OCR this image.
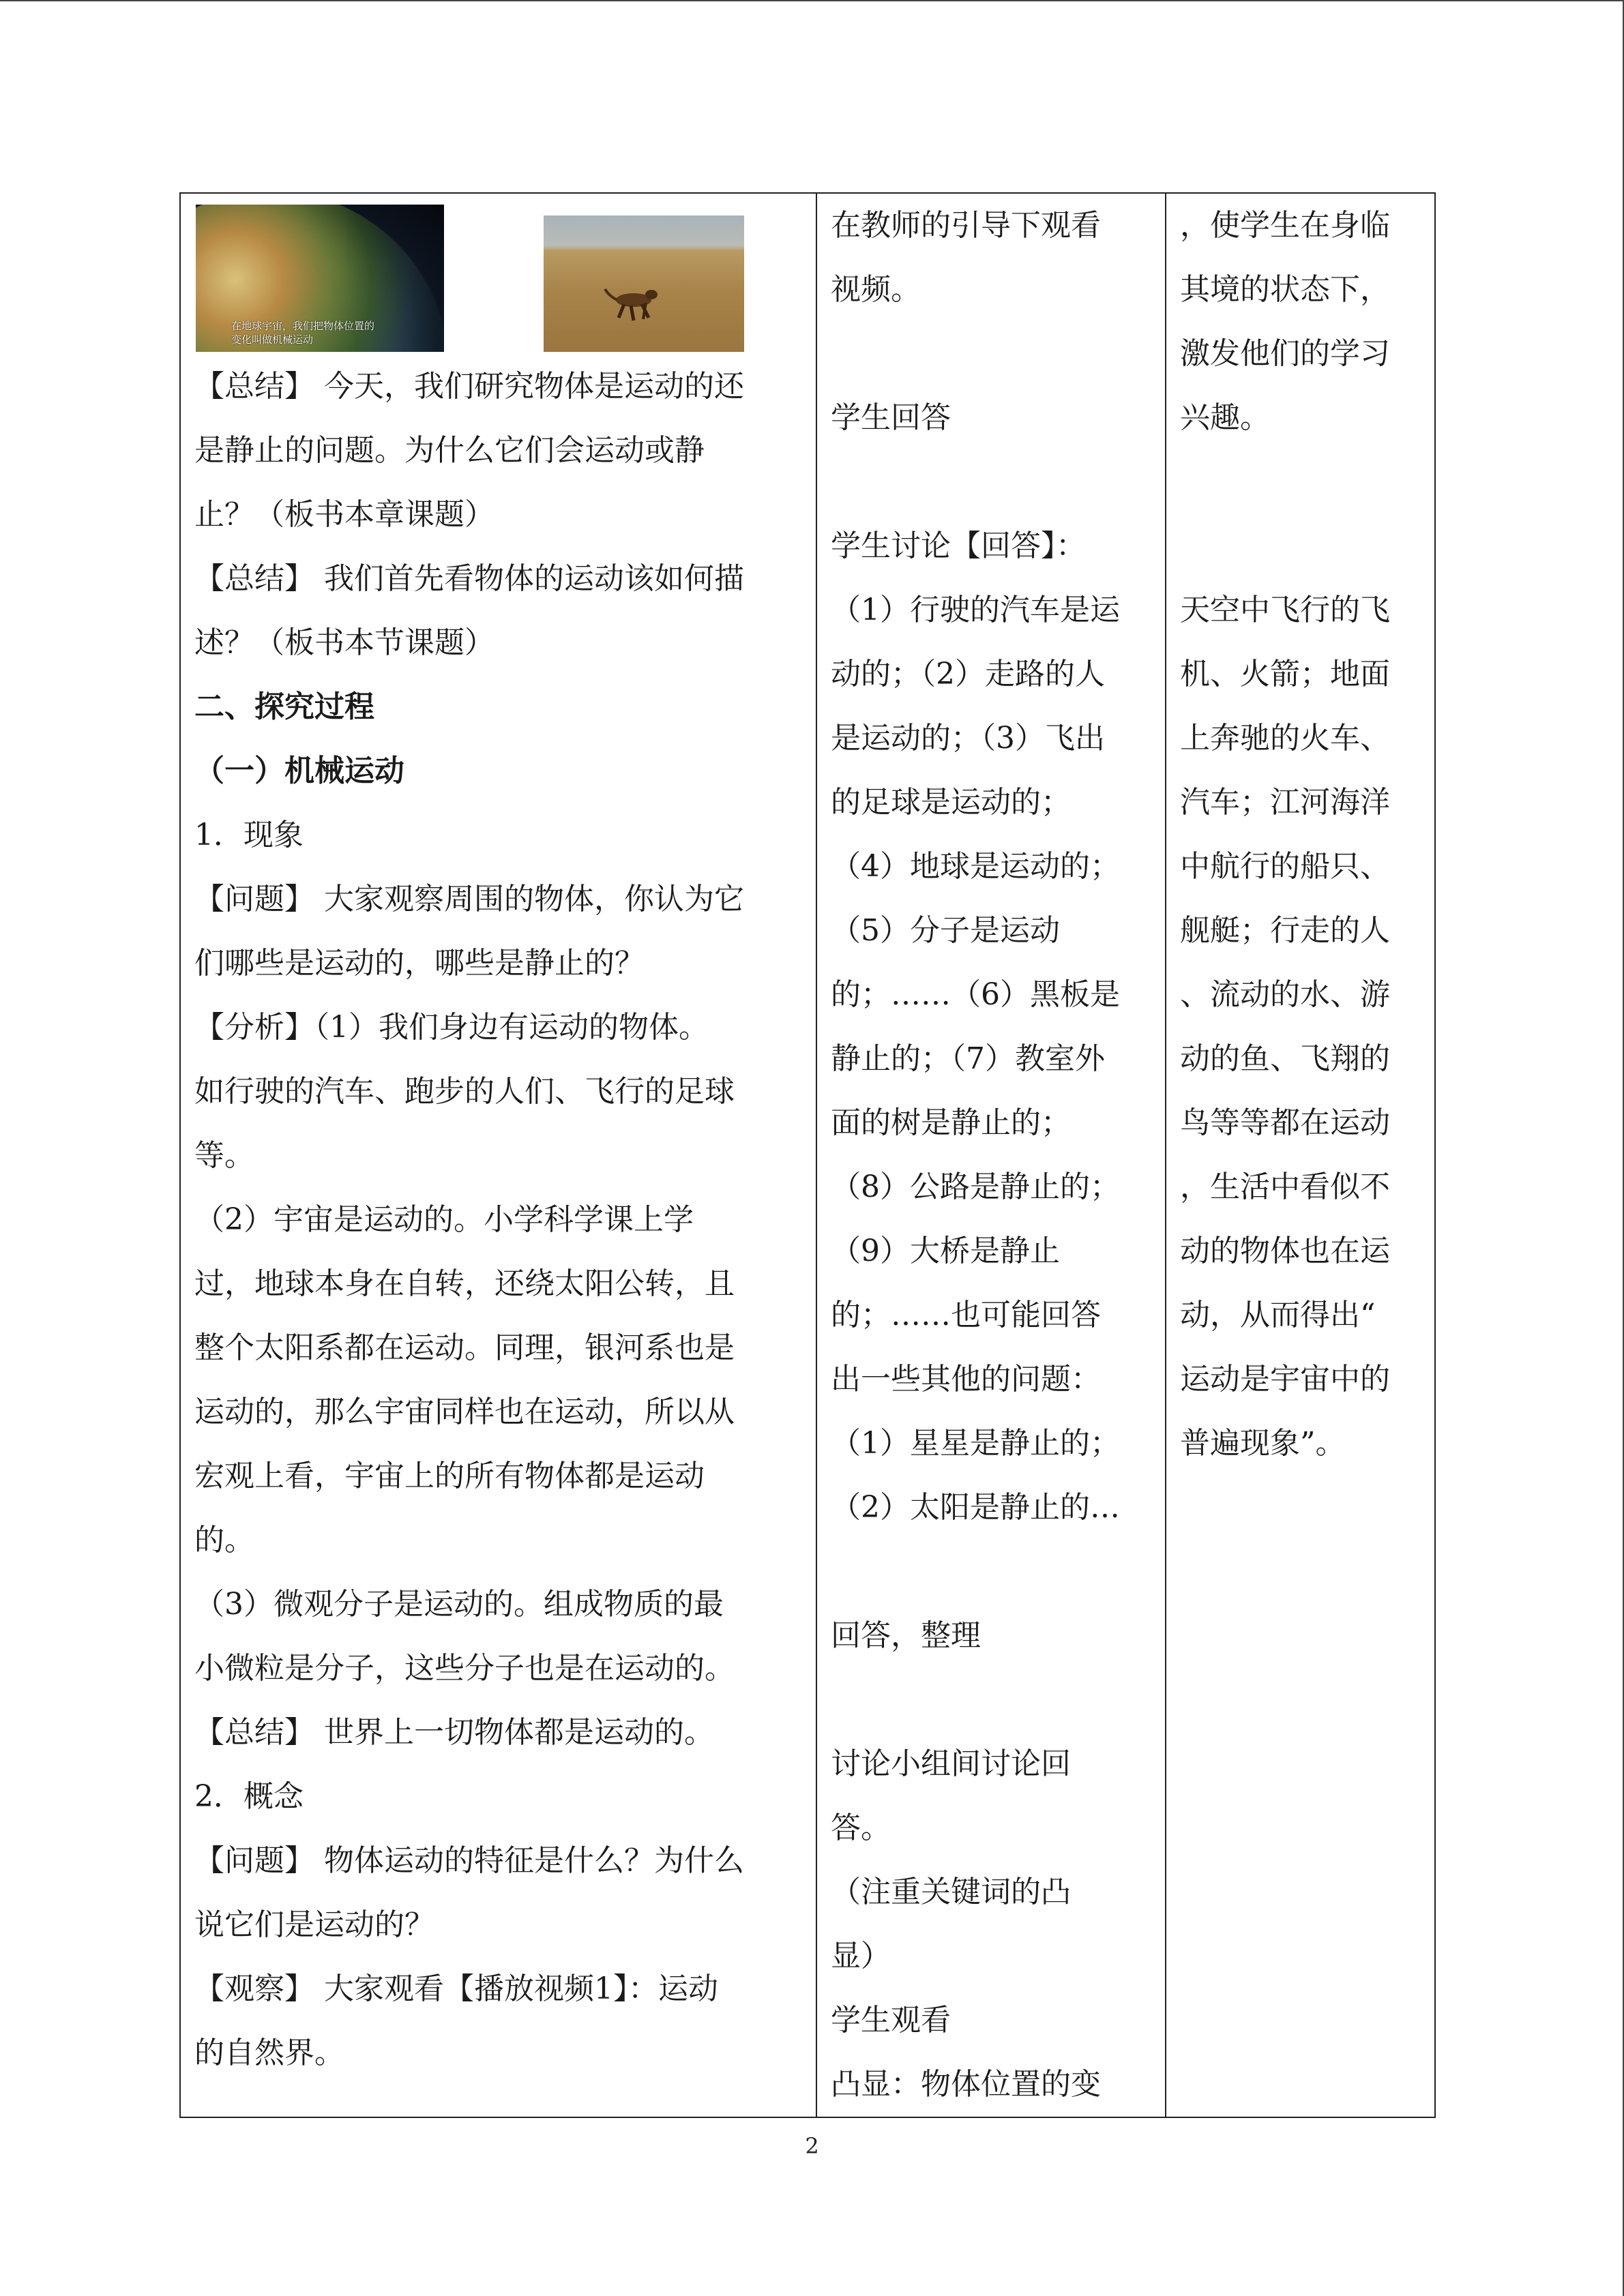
在地球宇宙，我们把物体位置的
变化叫做机械运动
【总结】 今天，我们研究物体是运动的还
是静止的问题。为什么它们会运动或静
止？（板书本章课题）
【总结】 我们首先看物体的运动该如何描
述？（板书本节课题）
二、探究过程
（一）机械运动
1．现象
【问题】 大家观察周围的物体，你认为它
们哪些是运动的，哪些是静止的？
【分析】（1）我们身边有运动的物体。
如行驶的汽车、跑步的人们、飞行的足球
等。
（2）宇宙是运动的。小学科学课上学
过，地球本身在自转，还绕太阳公转，且
整个太阳系都在运动。同理，银河系也是
运动的，那么宇宙同样也在运动，所以从
宏观上看，宇宙上的所有物体都是运动
的。
（3）微观分子是运动的。组成物质的最
小微粒是分子，这些分子也是在运动的。
【总结】 世界上一切物体都是运动的。
2．概念
【问题】 物体运动的特征是什么？为什么
说它们是运动的？
【观察】 大家观看【播放视频1】：运动
的自然界。

在教师的引导下观看
视频。
学生回答
学生讨论【回答】：
（1）行驶的汽车是运
动的；（2）走路的人
是运动的；（3）飞出
的足球是运动的；
（4）地球是运动的；
（5）分子是运动
的；……（6）黑板是
静止的；（7）教室外
面的树是静止的；
（8）公路是静止的；
（9）大桥是静止
的；……也可能回答
出一些其他的问题：
（1）星星是静止的；
（2）太阳是静止的…
回答，整理
讨论小组间讨论回
答。
（注重关键词的凸
显）
学生观看
凸显：物体位置的变

，使学生在身临
其境的状态下，
激发他们的学习
兴趣。
天空中飞行的飞
机、火箭；地面
上奔驰的火车、
汽车；江河海洋
中航行的船只、
舰艇；行走的人
、流动的水、游
动的鱼、飞翔的
鸟等等都在运动
，生活中看似不
动的物体也在运
动，从而得出“
运动是宇宙中的
普遍现象”。
2
